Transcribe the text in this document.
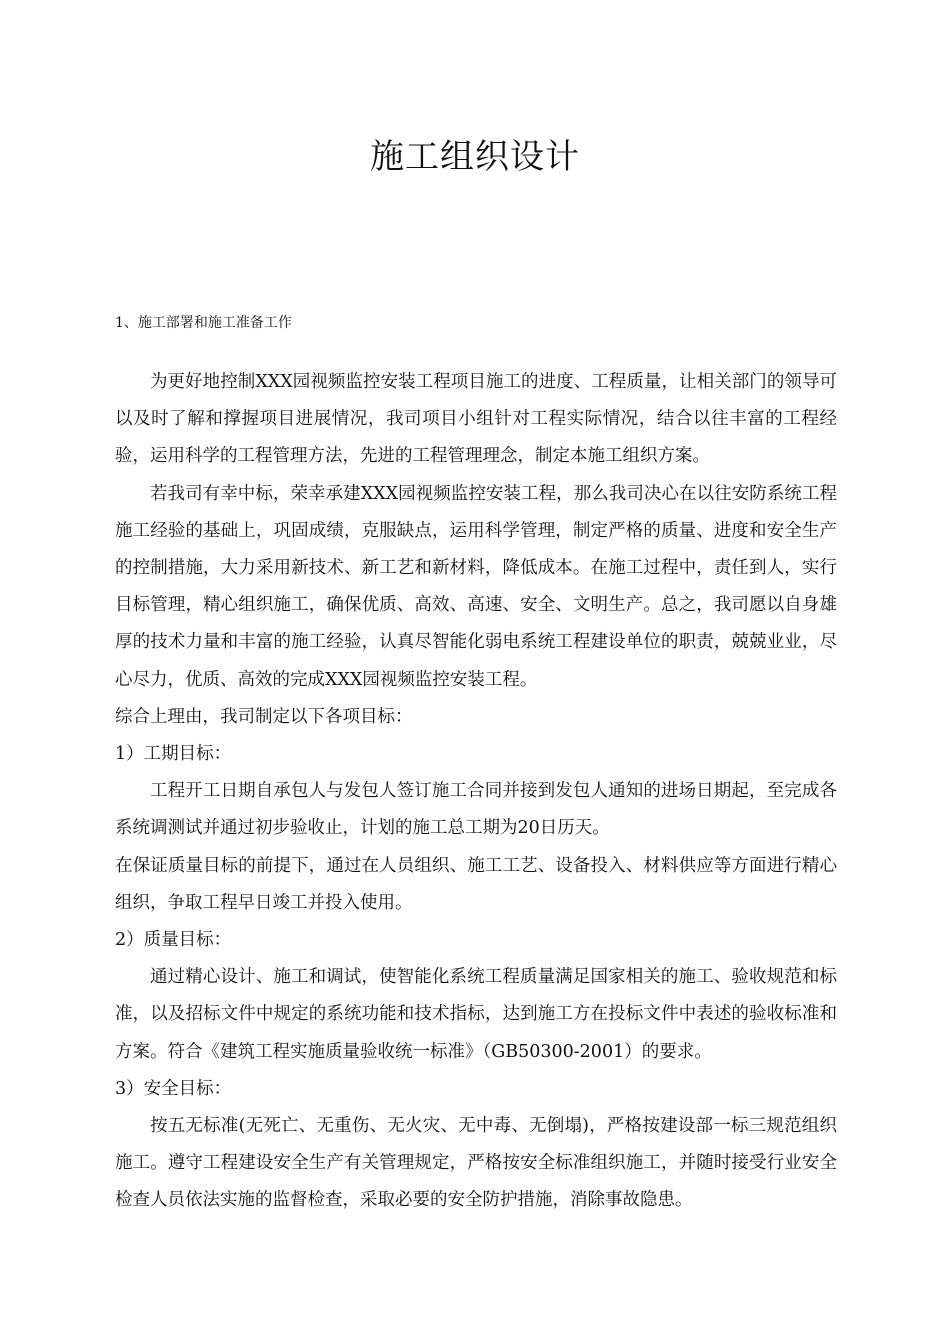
施工组织设计
1、施工部署和施工准备工作

为更好地控制XXX园视频监控安装工程项目施工的进度、工程质量，让相关部门的领导可以及时了解和撑握项目进展情况，我司项目小组针对工程实际情况，结合以往丰富的工程经验，运用科学的工程管理方法，先进的工程管理理念，制定本施工组织方案。

若我司有幸中标，荣幸承建XXX园视频监控安装工程，那么我司决心在以往安防系统工程施工经验的基础上，巩固成绩，克服缺点，运用科学管理，制定严格的质量、进度和安全生产的控制措施，大力采用新技术、新工艺和新材料，降低成本。在施工过程中，责任到人，实行目标管理，精心组织施工，确保优质、高效、高速、安全、文明生产。总之，我司愿以自身雄厚的技术力量和丰富的施工经验，认真尽智能化弱电系统工程建设单位的职责，兢兢业业，尽心尽力，优质、高效的完成XXX园视频监控安装工程。

综合上理由，我司制定以下各项目标：

1）工期目标：

工程开工日期自承包人与发包人签订施工合同并接到发包人通知的进场日期起，至完成各系统调测试并通过初步验收止，计划的施工总工期为20日历天。

在保证质量目标的前提下，通过在人员组织、施工工艺、设备投入、材料供应等方面进行精心组织，争取工程早日竣工并投入使用。

2）质量目标：

通过精心设计、施工和调试，使智能化系统工程质量满足国家相关的施工、验收规范和标准，以及招标文件中规定的系统功能和技术指标，达到施工方在投标文件中表述的验收标准和方案。符合《建筑工程实施质量验收统一标准》（GB50300-2001）的要求。

3）安全目标：

按五无标准(无死亡、无重伤、无火灾、无中毒、无倒塌)，严格按建设部一标三规范组织施工。遵守工程建设安全生产有关管理规定，严格按安全标准组织施工，并随时接受行业安全检查人员依法实施的监督检查，采取必要的安全防护措施，消除事故隐患。
